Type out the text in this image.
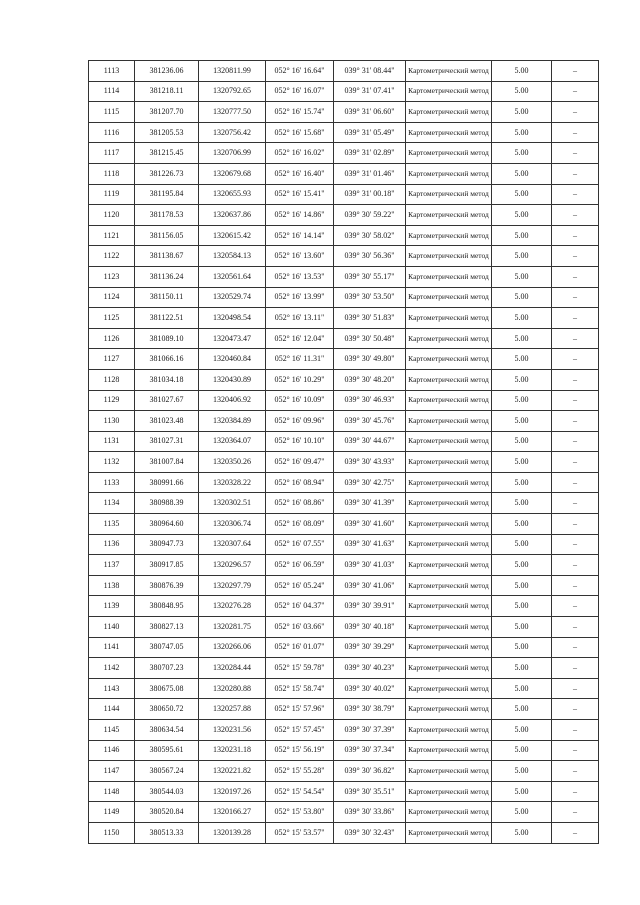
1113	381236.06	1320811.99	052° 16' 16.64"	039° 31' 08.44"	Картометрический метод	5.00	–
1114	381218.11	1320792.65	052° 16' 16.07"	039° 31' 07.41"	Картометрический метод	5.00	–
1115	381207.70	1320777.50	052° 16' 15.74"	039° 31' 06.60"	Картометрический метод	5.00	–
1116	381205.53	1320756.42	052° 16' 15.68"	039° 31' 05.49"	Картометрический метод	5.00	–
1117	381215.45	1320706.99	052° 16' 16.02"	039° 31' 02.89"	Картометрический метод	5.00	–
1118	381226.73	1320679.68	052° 16' 16.40"	039° 31' 01.46"	Картометрический метод	5.00	–
1119	381195.84	1320655.93	052° 16' 15.41"	039° 31' 00.18"	Картометрический метод	5.00	–
1120	381178.53	1320637.86	052° 16' 14.86"	039° 30' 59.22"	Картометрический метод	5.00	–
1121	381156.05	1320615.42	052° 16' 14.14"	039° 30' 58.02"	Картометрический метод	5.00	–
1122	381138.67	1320584.13	052° 16' 13.60"	039° 30' 56.36"	Картометрический метод	5.00	–
1123	381136.24	1320561.64	052° 16' 13.53"	039° 30' 55.17"	Картометрический метод	5.00	–
1124	381150.11	1320529.74	052° 16' 13.99"	039° 30' 53.50"	Картометрический метод	5.00	–
1125	381122.51	1320498.54	052° 16' 13.11"	039° 30' 51.83"	Картометрический метод	5.00	–
1126	381089.10	1320473.47	052° 16' 12.04"	039° 30' 50.48"	Картометрический метод	5.00	–
1127	381066.16	1320460.84	052° 16' 11.31"	039° 30' 49.80"	Картометрический метод	5.00	–
1128	381034.18	1320430.89	052° 16' 10.29"	039° 30' 48.20"	Картометрический метод	5.00	–
1129	381027.67	1320406.92	052° 16' 10.09"	039° 30' 46.93"	Картометрический метод	5.00	–
1130	381023.48	1320384.89	052° 16' 09.96"	039° 30' 45.76"	Картометрический метод	5.00	–
1131	381027.31	1320364.07	052° 16' 10.10"	039° 30' 44.67"	Картометрический метод	5.00	–
1132	381007.84	1320350.26	052° 16' 09.47"	039° 30' 43.93"	Картометрический метод	5.00	–
1133	380991.66	1320328.22	052° 16' 08.94"	039° 30' 42.75"	Картометрический метод	5.00	–
1134	380988.39	1320302.51	052° 16' 08.86"	039° 30' 41.39"	Картометрический метод	5.00	–
1135	380964.60	1320306.74	052° 16' 08.09"	039° 30' 41.60"	Картометрический метод	5.00	–
1136	380947.73	1320307.64	052° 16' 07.55"	039° 30' 41.63"	Картометрический метод	5.00	–
1137	380917.85	1320296.57	052° 16' 06.59"	039° 30' 41.03"	Картометрический метод	5.00	–
1138	380876.39	1320297.79	052° 16' 05.24"	039° 30' 41.06"	Картометрический метод	5.00	–
1139	380848.95	1320276.28	052° 16' 04.37"	039° 30' 39.91"	Картометрический метод	5.00	–
1140	380827.13	1320281.75	052° 16' 03.66"	039° 30' 40.18"	Картометрический метод	5.00	–
1141	380747.05	1320266.06	052° 16' 01.07"	039° 30' 39.29"	Картометрический метод	5.00	–
1142	380707.23	1320284.44	052° 15' 59.78"	039° 30' 40.23"	Картометрический метод	5.00	–
1143	380675.08	1320280.88	052° 15' 58.74"	039° 30' 40.02"	Картометрический метод	5.00	–
1144	380650.72	1320257.88	052° 15' 57.96"	039° 30' 38.79"	Картометрический метод	5.00	–
1145	380634.54	1320231.56	052° 15' 57.45"	039° 30' 37.39"	Картометрический метод	5.00	–
1146	380595.61	1320231.18	052° 15' 56.19"	039° 30' 37.34"	Картометрический метод	5.00	–
1147	380567.24	1320221.82	052° 15' 55.28"	039° 30' 36.82"	Картометрический метод	5.00	–
1148	380544.03	1320197.26	052° 15' 54.54"	039° 30' 35.51"	Картометрический метод	5.00	–
1149	380520.84	1320166.27	052° 15' 53.80"	039° 30' 33.86"	Картометрический метод	5.00	–
1150	380513.33	1320139.28	052° 15' 53.57"	039° 30' 32.43"	Картометрический метод	5.00	–
